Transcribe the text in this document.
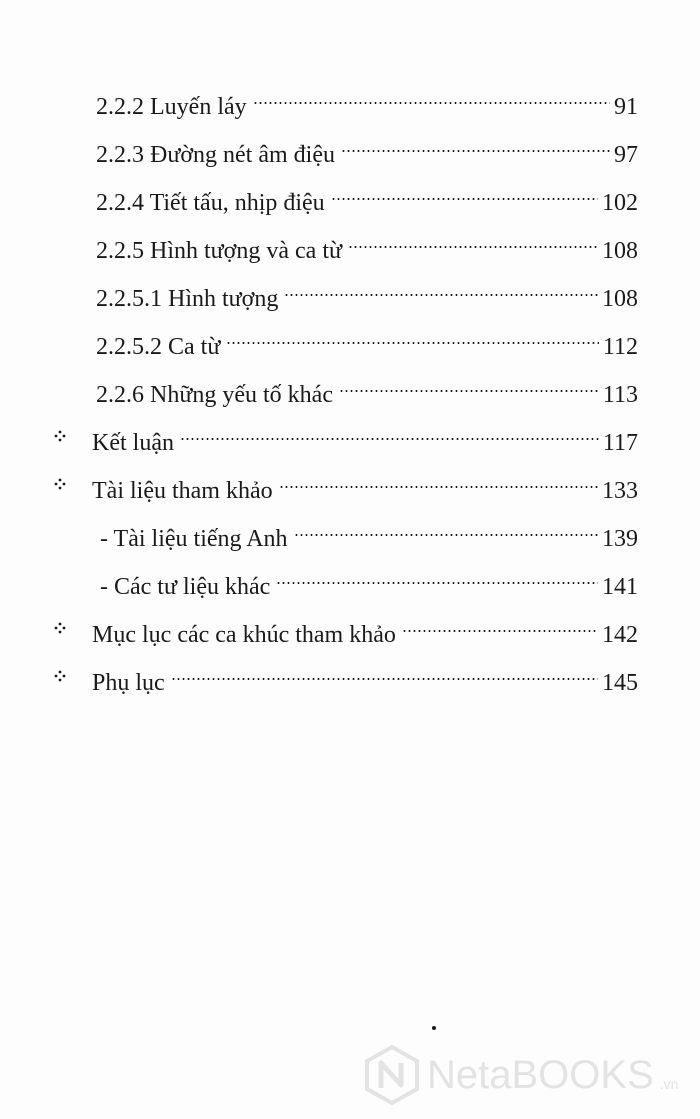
2.2.2 Luyến láy	91
2.2.3 Đường nét âm điệu	97
2.2.4 Tiết tấu, nhịp điệu	102
2.2.5 Hình tượng và ca từ	108
2.2.5.1 Hình tượng	108
2.2.5.2 Ca từ	112
2.2.6 Những yếu tố khác	113
Kết luận	117
Tài liệu tham khảo	133
- Tài liệu tiếng Anh	139
- Các tư liệu khác	141
Mục lục các ca khúc tham khảo	142
Phụ lục	145
NetaBOOKS .vn
